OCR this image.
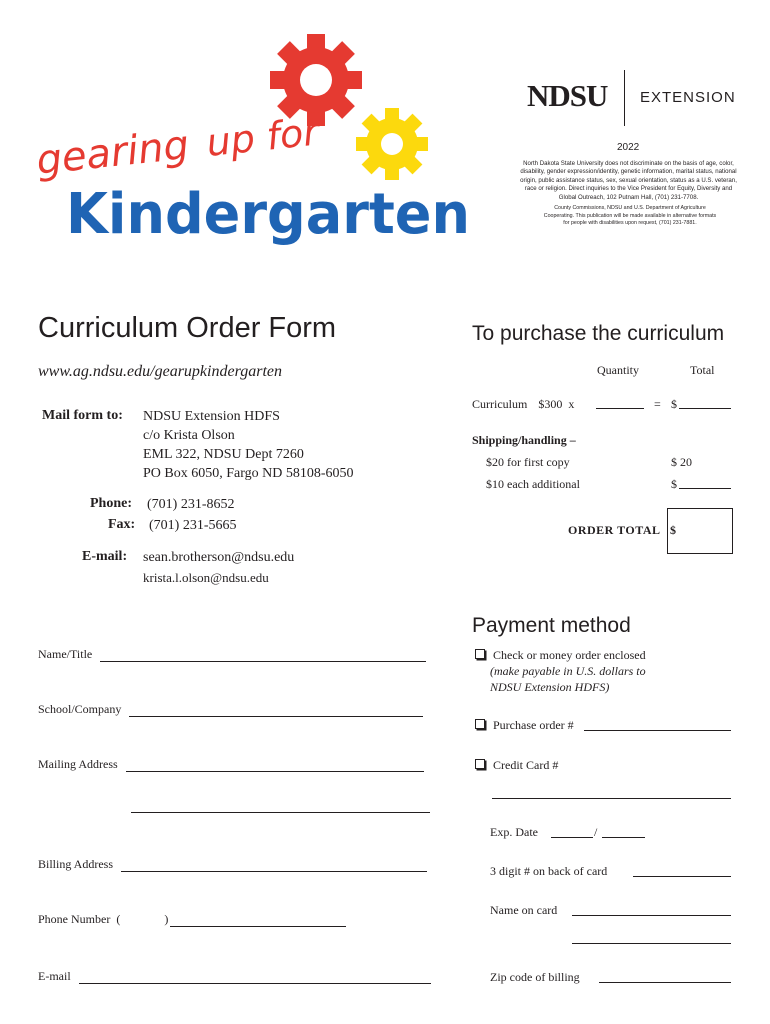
gearing up for
Kindergarten
NDSU EXTENSION
2022
North Dakota State University does not discriminate on the basis of age, color, disability, gender expression/identity, genetic information, marital status, national origin, public assistance status, sex, sexual orientation, status as a U.S. veteran, race or religion. Direct inquiries to the Vice President for Equity, Diversity and Global Outreach, 102 Putnam Hall, (701) 231-7708.
County Commissions, NDSU and U.S. Department of Agriculture Cooperating. This publication will be made available in alternative formats for people with disabilities upon request, (701) 231-7881.
Curriculum Order Form
www.ag.ndsu.edu/gearupkindergarten
Mail form to: NDSU Extension HDFS
c/o Krista Olson
EML 322, NDSU Dept 7260
PO Box 6050, Fargo ND 58108-6050
Phone: (701) 231-8652
Fax: (701) 231-5665
E-mail: sean.brotherson@ndsu.edu
krista.l.olson@ndsu.edu
Name/Title
School/Company
Mailing Address
Billing Address
Phone Number  (	)
E-mail
To purchase the curriculum
Quantity	Total
Curriculum $300 x	= $
Shipping/handling –
$20 for first copy	$ 20
$10 each additional	$
ORDER TOTAL $
Payment method
Check or money order enclosed
(make payable in U.S. dollars to
NDSU Extension HDFS)
Purchase order #
Credit Card #
Exp. Date	/
3 digit # on back of card
Name on card
Zip code of billing
